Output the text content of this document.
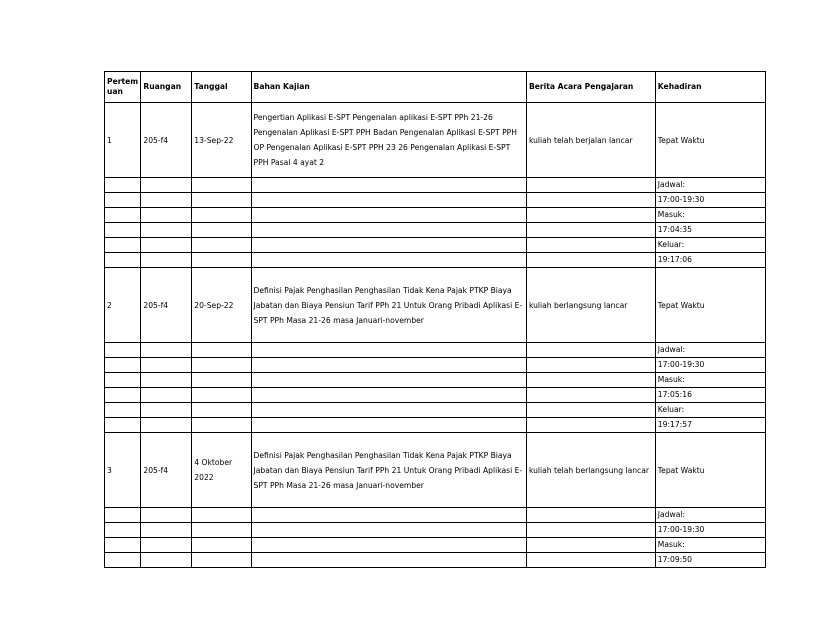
Pertem uan	Ruangan	Tanggal	Bahan Kajian	Berita Acara Pengajaran	Kehadiran
1	205-f4	13-Sep-22	Pengertian Aplikasi E-SPT Pengenalan aplikasi E-SPT PPh 21-26 Pengenalan Aplikasi E-SPT PPH Badan Pengenalan Aplikasi E-SPT PPH OP Pengenalan Aplikasi E-SPT PPH 23 26 Pengenalan Aplikasi E-SPT PPH Pasal 4 ayat 2	kuliah telah berjalan lancar	Tepat Waktu
					Jadwal:
					17:00-19:30
					Masuk:
					17:04:35
					Keluar:
					19:17:06
2	205-f4	20-Sep-22	Definisi Pajak Penghasilan Penghasilan Tidak Kena Pajak PTKP Biaya Jabatan dan Biaya Pensiun Tarif PPh 21 Untuk Orang Pribadi Aplikasi E-SPT PPh Masa 21-26 masa Januari-november	kuliah berlangsung lancar	Tepat Waktu
					Jadwal:
					17:00-19:30
					Masuk:
					17:05:16
					Keluar:
					19:17:57
3	205-f4	4 Oktober 2022	Definisi Pajak Penghasilan Penghasilan Tidak Kena Pajak PTKP Biaya Jabatan dan Biaya Pensiun Tarif PPh 21 Untuk Orang Pribadi Aplikasi E-SPT PPh Masa 21-26 masa Januari-november	kuliah telah berlangsung lancar	Tepat Waktu
					Jadwal:
					17:00-19:30
					Masuk:
					17:09:50
